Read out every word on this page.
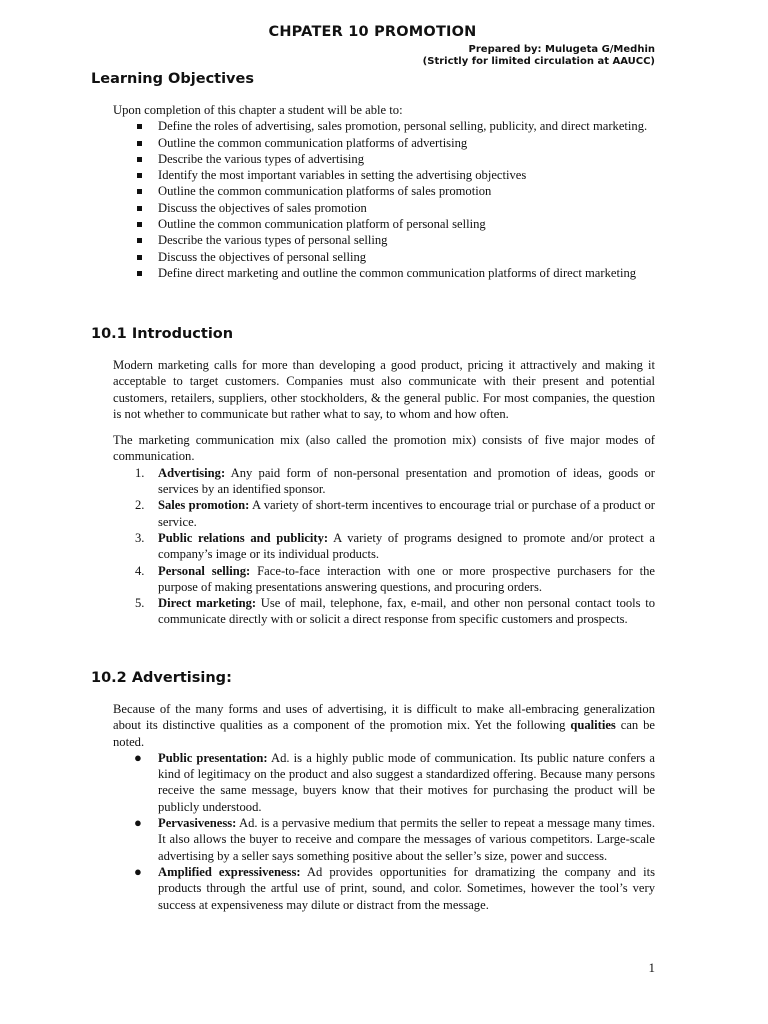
CHPATER 10 PROMOTION
Prepared by: Mulugeta G/Medhin
(Strictly for limited circulation at AAUCC)
Learning Objectives

Upon completion of this chapter a student will be able to:

Define the roles of advertising, sales promotion, personal selling, publicity, and direct marketing.
Outline the common communication platforms of advertising
Describe the various types of advertising
Identify the most important variables in setting the advertising objectives
Outline the common communication platforms of sales promotion
Discuss the objectives of sales promotion
Outline the common communication platform of personal selling
Describe the various types of personal selling
Discuss the objectives of personal selling
Define direct marketing and outline the common communication platforms of direct marketing
10.1 Introduction

Modern marketing calls for more than developing a good product, pricing it attractively and making it acceptable to target customers. Companies must also communicate with their present and potential customers, retailers, suppliers, other stockholders, & the general public. For most companies, the question is not whether to communicate but rather what to say, to whom and how often.

The marketing communication mix (also called the promotion mix) consists of five major modes of communication.

1. Advertising: Any paid form of non-personal presentation and promotion of ideas, goods or services by an identified sponsor.
2. Sales promotion: A variety of short-term incentives to encourage trial or purchase of a product or service.
3. Public relations and publicity: A variety of programs designed to promote and/or protect a company’s image or its individual products.
4. Personal selling: Face-to-face interaction with one or more prospective purchasers for the purpose of making presentations answering questions, and procuring orders.
5. Direct marketing: Use of mail, telephone, fax, e-mail, and other non personal contact tools to communicate directly with or solicit a direct response from specific customers and prospects.
10.2 Advertising:

Because of the many forms and uses of advertising, it is difficult to make all-embracing generalization about its distinctive qualities as a component of the promotion mix. Yet the following qualities can be noted.

● Public presentation: Ad. is a highly public mode of communication. Its public nature confers a kind of legitimacy on the product and also suggest a standardized offering. Because many persons receive the same message, buyers know that their motives for purchasing the product will be publicly understood.
● Pervasiveness: Ad. is a pervasive medium that permits the seller to repeat a message many times. It also allows the buyer to receive and compare the messages of various competitors. Large-scale advertising by a seller says something positive about the seller’s size, power and success.
● Amplified expressiveness: Ad provides opportunities for dramatizing the company and its products through the artful use of print, sound, and color. Sometimes, however the tool’s very success at expensiveness may dilute or distract from the message.
1
